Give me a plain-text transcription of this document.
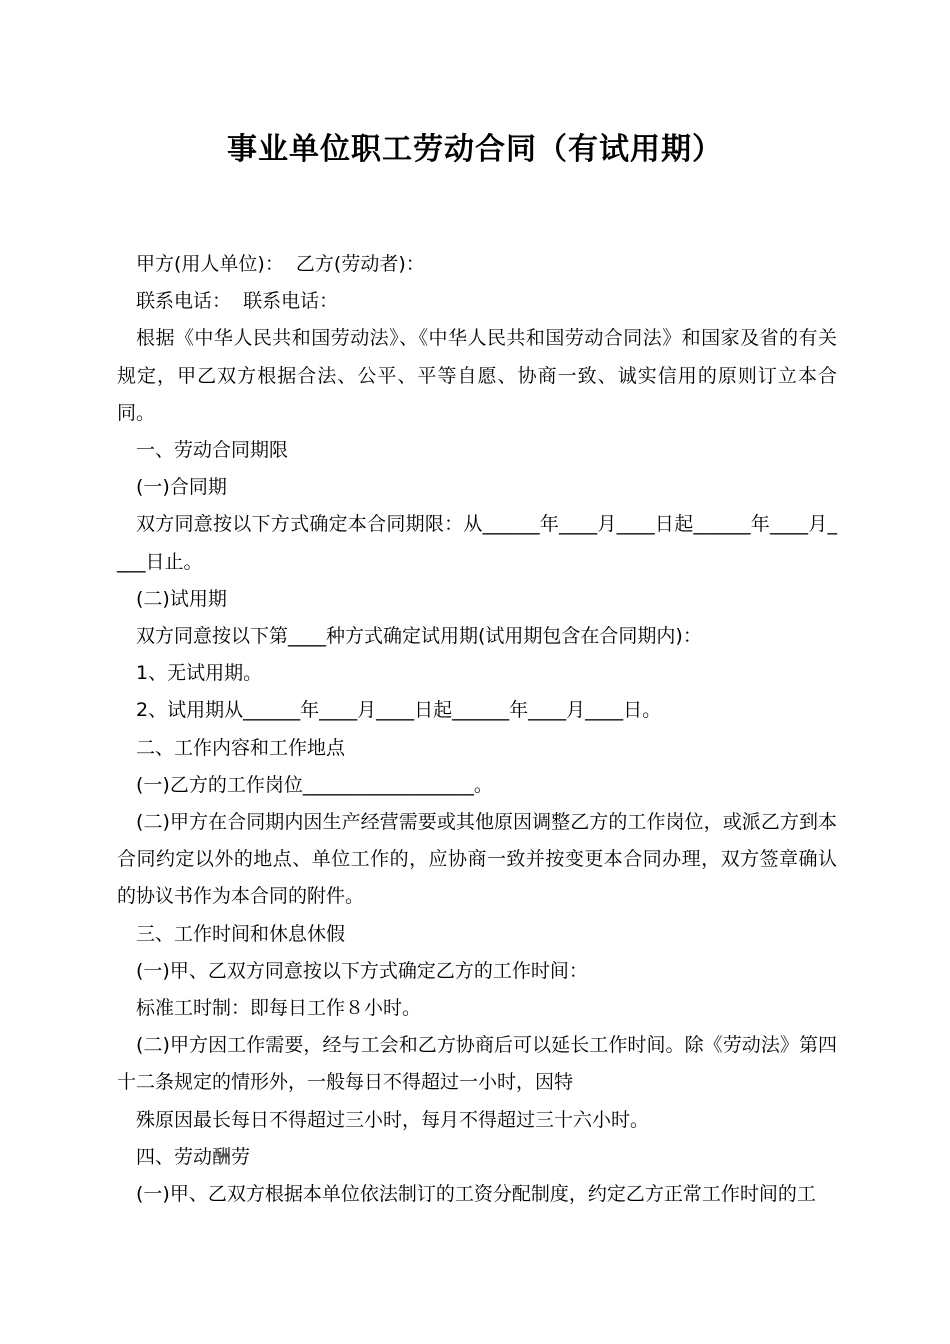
事业单位职工劳动合同（有试用期）

甲方(用人单位)：  乙方(劳动者)：

联系电话：  联系电话：

根据《中华人民共和国劳动法》、《中华人民共和国劳动合同法》和国家及省的有关规定，甲乙双方根据合法、公平、平等自愿、协商一致、诚实信用的原则订立本合同。

一、劳动合同期限

(一)合同期

双方同意按以下方式确定本合同期限：从______年____月____日起______年____月____日止。

(二)试用期

双方同意按以下第____种方式确定试用期(试用期包含在合同期内)：

1、无试用期。

2、试用期从______年____月____日起______年____月____日。

二、工作内容和工作地点

(一)乙方的工作岗位__________________。

(二)甲方在合同期内因生产经营需要或其他原因调整乙方的工作岗位，或派乙方到本合同约定以外的地点、单位工作的，应协商一致并按变更本合同办理，双方签章确认的协议书作为本合同的附件。

三、工作时间和休息休假

(一)甲、乙双方同意按以下方式确定乙方的工作时间：

标准工时制：即每日工作８小时。

(二)甲方因工作需要，经与工会和乙方协商后可以延长工作时间。除《劳动法》第四十二条规定的情形外，一般每日不得超过一小时，因特

殊原因最长每日不得超过三小时，每月不得超过三十六小时。

四、劳动酬劳

(一)甲、乙双方根据本单位依法制订的工资分配制度，约定乙方正常工作时间的工
